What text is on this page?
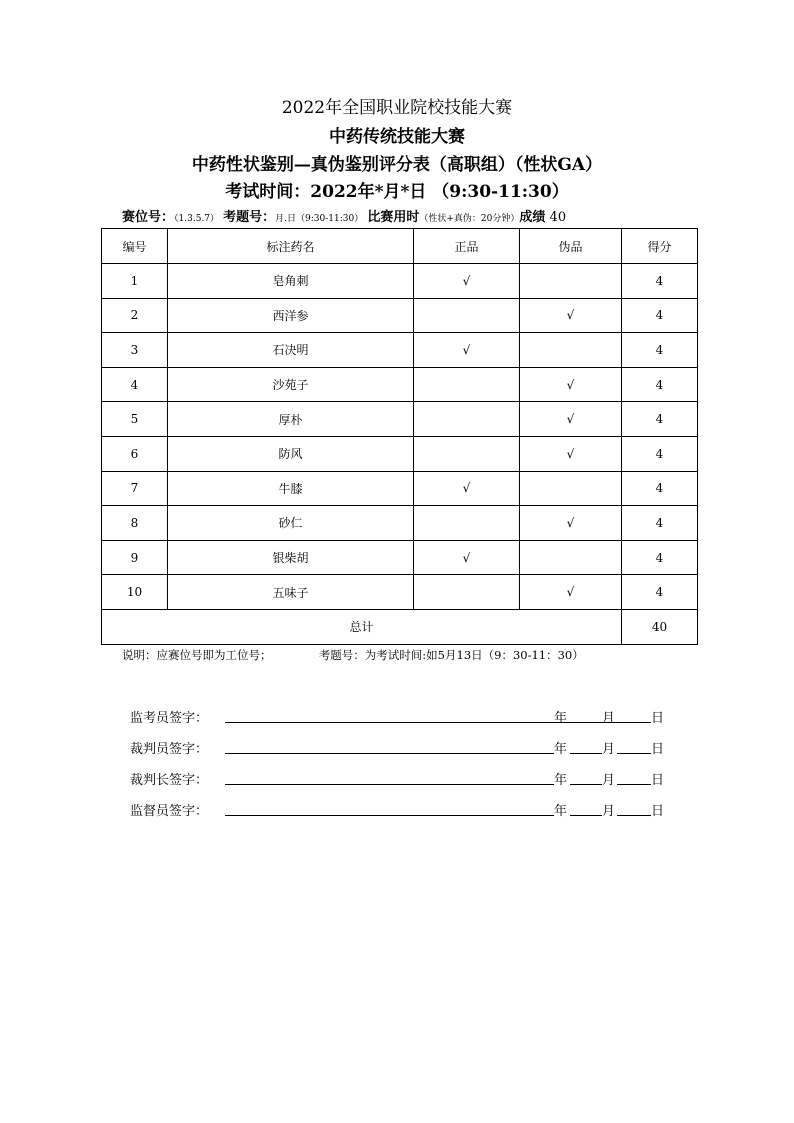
2022年全国职业院校技能大赛
中药传统技能大赛
中药性状鉴别—真伪鉴别评分表（高职组）（性状GA）
考试时间：2022年*月*日 （9:30-11:30）
赛位号：（1.3.5.7） 考题号：月.日（9:30-11:30） 比赛用时（性状+真伪：20分钟）成绩 40
编号	标注药名	正品	伪品	得分
1	皂角刺	√		4
2	西洋参		√	4
3	石决明	√		4
4	沙苑子		√	4
5	厚朴		√	4
6	防风		√	4
7	牛膝	√		4
8	砂仁		√	4
9	银柴胡	√		4
10	五味子		√	4
总计				40
说明：应赛位号即为工位号；	考题号：为考试时间:如5月13日（9：30-11：30）
监考员签字：	年	月	日
裁判员签字：	年	月	日
裁判长签字：	年	月	日
监督员签字：	年	月	日
